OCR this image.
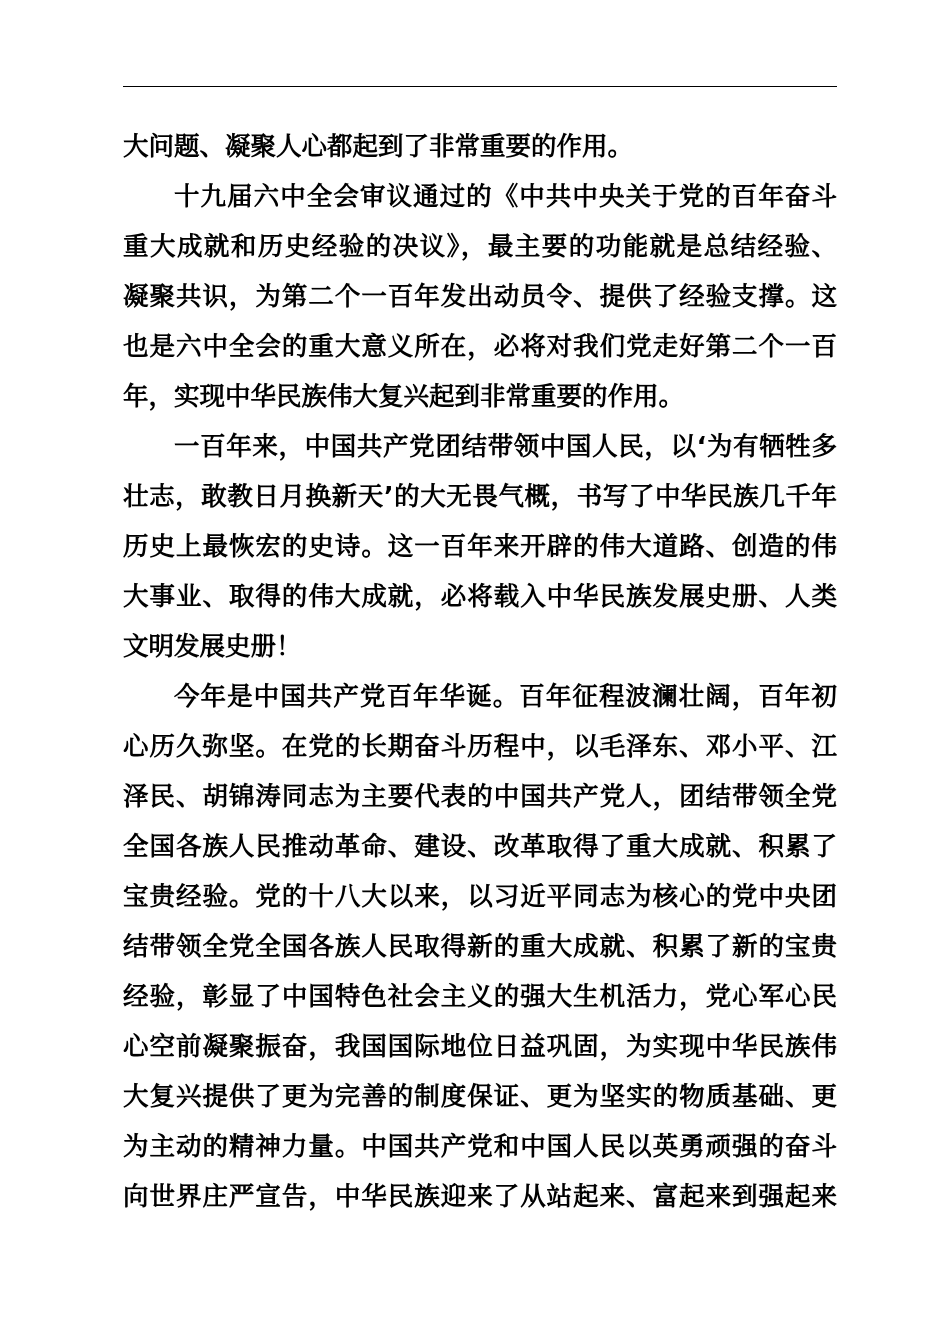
大问题、凝聚人心都起到了非常重要的作用。
十九届六中全会审议通过的《中共中央关于党的百年奋斗
重大成就和历史经验的决议》，最主要的功能就是总结经验、
凝聚共识，为第二个一百年发出动员令、提供了经验支撑。这
也是六中全会的重大意义所在，必将对我们党走好第二个一百
年，实现中华民族伟大复兴起到非常重要的作用。
一百年来，中国共产党团结带领中国人民，以‘为有牺牲多
壮志，敢教日月换新天’的大无畏气概，书写了中华民族几千年
历史上最恢宏的史诗。这一百年来开辟的伟大道路、创造的伟
大事业、取得的伟大成就，必将载入中华民族发展史册、人类
文明发展史册！
今年是中国共产党百年华诞。百年征程波澜壮阔，百年初
心历久弥坚。在党的长期奋斗历程中，以毛泽东、邓小平、江
泽民、胡锦涛同志为主要代表的中国共产党人，团结带领全党
全国各族人民推动革命、建设、改革取得了重大成就、积累了
宝贵经验。党的十八大以来，以习近平同志为核心的党中央团
结带领全党全国各族人民取得新的重大成就、积累了新的宝贵
经验，彰显了中国特色社会主义的强大生机活力，党心军心民
心空前凝聚振奋，我国国际地位日益巩固，为实现中华民族伟
大复兴提供了更为完善的制度保证、更为坚实的物质基础、更
为主动的精神力量。中国共产党和中国人民以英勇顽强的奋斗
向世界庄严宣告，中华民族迎来了从站起来、富起来到强起来
